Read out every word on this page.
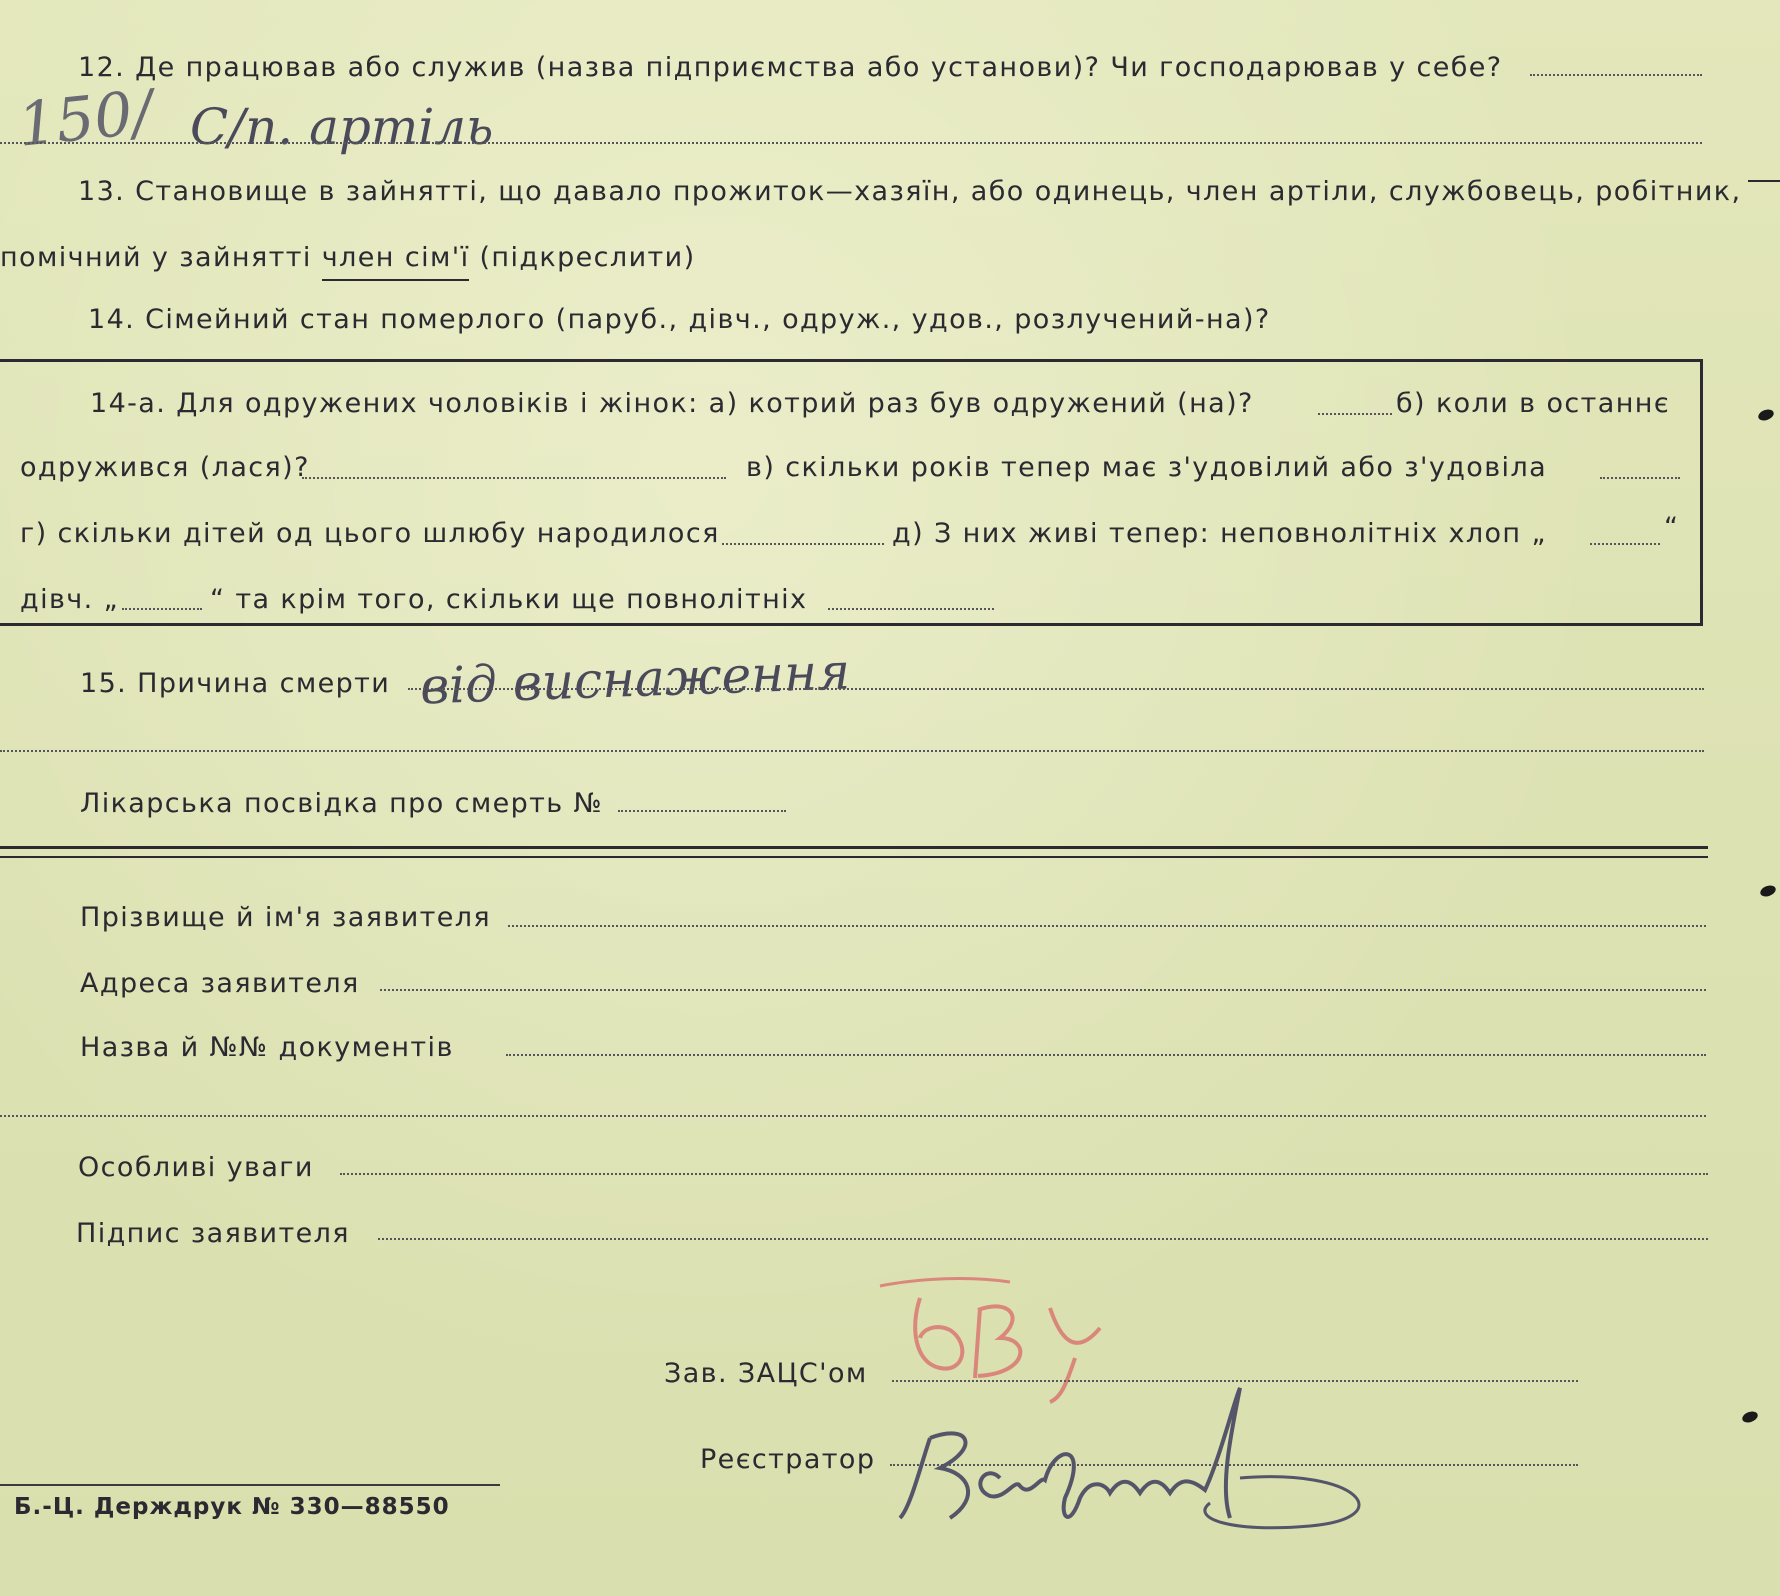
12. Де працював або служив (назва підприємства або установи)? Чи господарював у себе?
150/ С/п. артіль
13. Становище в зайнятті, що давало прожиток—хазяїн, або одинець, член артіли, службовець, робітник,
помічний у зайнятті член сім'ї (підкреслити)
14. Сімейний стан померлого (паруб., дівч., одруж., удов., розлучений-на)?
14-а. Для одружених чоловіків і жінок: а) котрий раз був одружений (на)?	б) коли в останнє
одружився (лася)?	в) скільки років тепер має з'удовілий або з'удовіла
г) скільки дітей од цього шлюбу народилося	д) З них живі тепер: неповнолітніх хлоп „	“
дівч. „	“ та крім того, скільки ще повнолітніх
15. Причина смерти від виснаження
Лікарська посвідка про смерть №
Прізвище й ім'я заявителя
Адреса заявителя
Назва й №№ документів
Особливі уваги
Підпис заявителя
Зав. ЗАЦС'ом
Реєстратор
Б.-Ц. Держдрук № 330—88550
